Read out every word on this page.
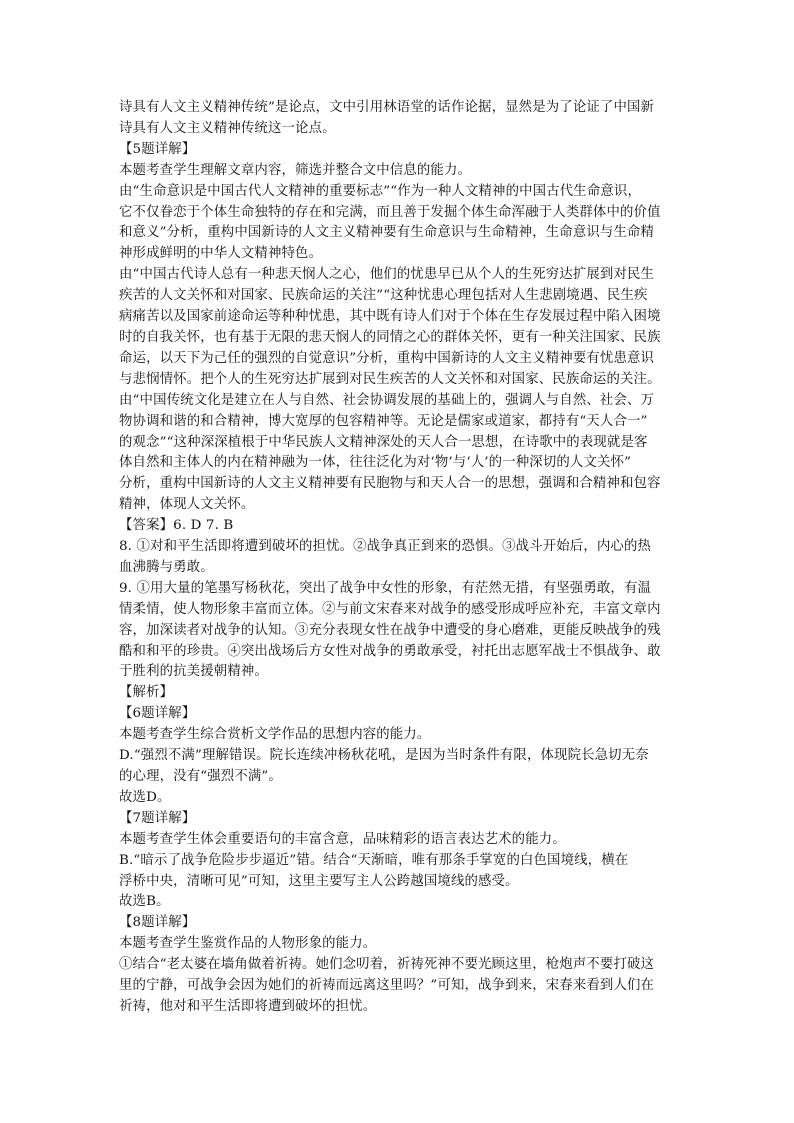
诗具有人文主义精神传统”是论点，文中引用林语堂的话作论据，显然是为了论证了中国新
诗具有人文主义精神传统这一论点。
【5题详解】
本题考查学生理解文章内容，筛选并整合文中信息的能力。
由“生命意识是中国古代人文精神的重要标志”“作为一种人文精神的中国古代生命意识，
它不仅眷恋于个体生命独特的存在和完满，而且善于发掘个体生命浑融于人类群体中的价值
和意义”分析，重构中国新诗的人文主义精神要有生命意识与生命精神，生命意识与生命精
神形成鲜明的中华人文精神特色。
由“中国古代诗人总有一种悲天悯人之心，他们的忧患早已从个人的生死穷达扩展到对民生
疾苦的人文关怀和对国家、民族命运的关注”“这种忧患心理包括对人生悲剧境遇、民生疾
病痛苦以及国家前途命运等种种忧患，其中既有诗人们对于个体在生存发展过程中陷入困境
时的自我关怀，也有基于无限的悲天悯人的同情之心的群体关怀，更有一种关注国家、民族
命运，以天下为己任的强烈的自觉意识”分析，重构中国新诗的人文主义精神要有忧患意识
与悲悯情怀。把个人的生死穷达扩展到对民生疾苦的人文关怀和对国家、民族命运的关注。
由“中国传统文化是建立在人与自然、社会协调发展的基础上的，强调人与自然、社会、万
物协调和谐的和合精神，博大宽厚的包容精神等。无论是儒家或道家，都持有“天人合一”
的观念”“这种深深植根于中华民族人文精神深处的天人合一思想，在诗歌中的表现就是客
体自然和主体人的内在精神融为一体，往往泛化为对‘物’与‘人’的一种深切的人文关怀”
分析，重构中国新诗的人文主义精神要有民胞物与和天人合一的思想，强调和合精神和包容
精神，体现人文关怀。
【答案】6. D 7. B
8. ①对和平生活即将遭到破坏的担忧。②战争真正到来的恐惧。③战斗开始后，内心的热
血沸腾与勇敢。
9. ①用大量的笔墨写杨秋花，突出了战争中女性的形象，有茫然无措，有坚强勇敢，有温
情柔情，使人物形象丰富而立体。②与前文宋春来对战争的感受形成呼应补充，丰富文章内
容，加深读者对战争的认知。③充分表现女性在战争中遭受的身心磨难，更能反映战争的残
酷和和平的珍贵。④突出战场后方女性对战争的勇敢承受，衬托出志愿军战士不惧战争、敢
于胜利的抗美援朝精神。
【解析】
【6题详解】
本题考查学生综合赏析文学作品的思想内容的能力。
D.“强烈不满”理解错误。院长连续冲杨秋花吼，是因为当时条件有限，体现院长急切无奈
的心理，没有“强烈不满”。
故选D。
【7题详解】
本题考查学生体会重要语句的丰富含意，品味精彩的语言表达艺术的能力。
B.“暗示了战争危险步步逼近”错。结合“天渐暗，唯有那条手掌宽的白色国境线，横在
浮桥中央，清晰可见”可知，这里主要写主人公跨越国境线的感受。
故选B。
【8题详解】
本题考查学生鉴赏作品的人物形象的能力。
①结合“老太婆在墙角做着祈祷。她们念叨着，祈祷死神不要光顾这里，枪炮声不要打破这
里的宁静，可战争会因为她们的祈祷而远离这里吗？”可知，战争到来，宋春来看到人们在
祈祷，他对和平生活即将遭到破坏的担忧。
